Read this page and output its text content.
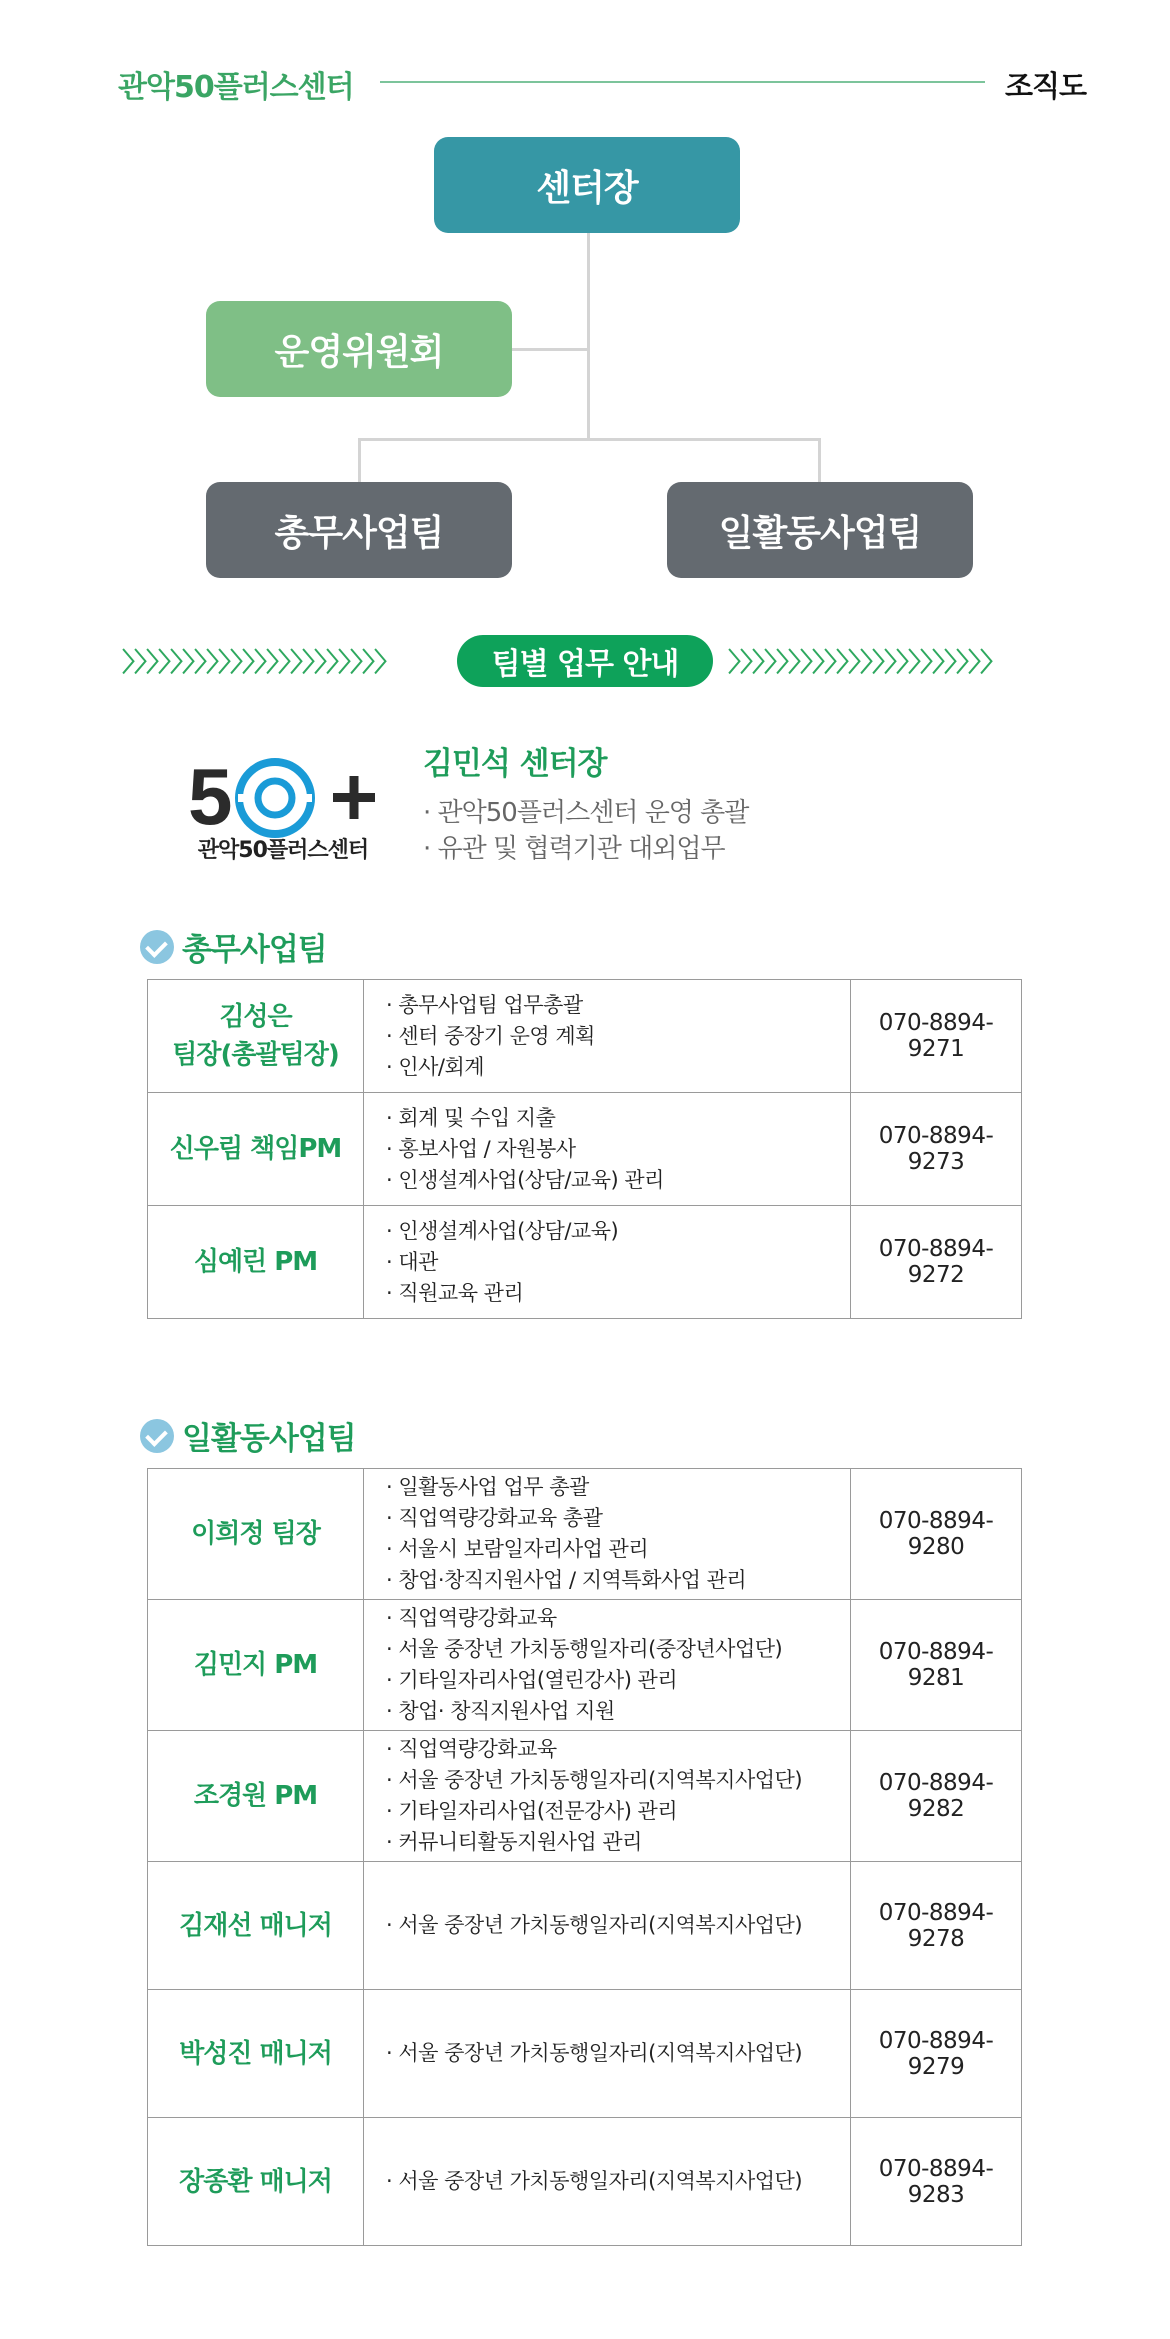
관악50플러스센터	조직도
센터장
운영위원회
총무사업팀	일활동사업팀
〉〉〉〉〉〉〉〉〉〉〉〉〉〉〉〉〉〉〉〉〉〉	팀별 업무 안내	〉〉〉〉〉〉〉〉〉〉〉〉〉〉〉〉〉〉〉〉〉〉
5
관악50플러스센터
김민석 센터장
· 관악50플러스센터 운영 총괄
· 유관 및 협력기관 대외업무
총무사업팀
김성은
팀장(총괄팀장)	· 총무사업팀 업무총괄
· 센터 중장기 운영 계획
· 인사/회계	070-8894-9271

신우림 책임PM	· 회계 및 수입 지출
· 홍보사업 / 자원봉사
· 인생설계사업(상담/교육) 관리	070-8894-9273

심예린 PM	· 인생설계사업(상담/교육)
· 대관
· 직원교육 관리	070-8894-9272
일활동사업팀
이희정 팀장	· 일활동사업 업무 총괄
· 직업역량강화교육 총괄
· 서울시 보람일자리사업 관리
· 창업·창직지원사업 / 지역특화사업 관리	070-8894-9280

김민지 PM	· 직업역량강화교육
· 서울 중장년 가치동행일자리(중장년사업단)
· 기타일자리사업(열린강사) 관리
· 창업· 창직지원사업 지원	070-8894-9281

조경원 PM	· 직업역량강화교육
· 서울 중장년 가치동행일자리(지역복지사업단)
· 기타일자리사업(전문강사) 관리
· 커뮤니티활동지원사업 관리	070-8894-9282

김재선 매니저	· 서울 중장년 가치동행일자리(지역복지사업단)	070-8894-9278

박성진 매니저	· 서울 중장년 가치동행일자리(지역복지사업단)	070-8894-9279

장종환 매니저	· 서울 중장년 가치동행일자리(지역복지사업단)	070-8894-9283
